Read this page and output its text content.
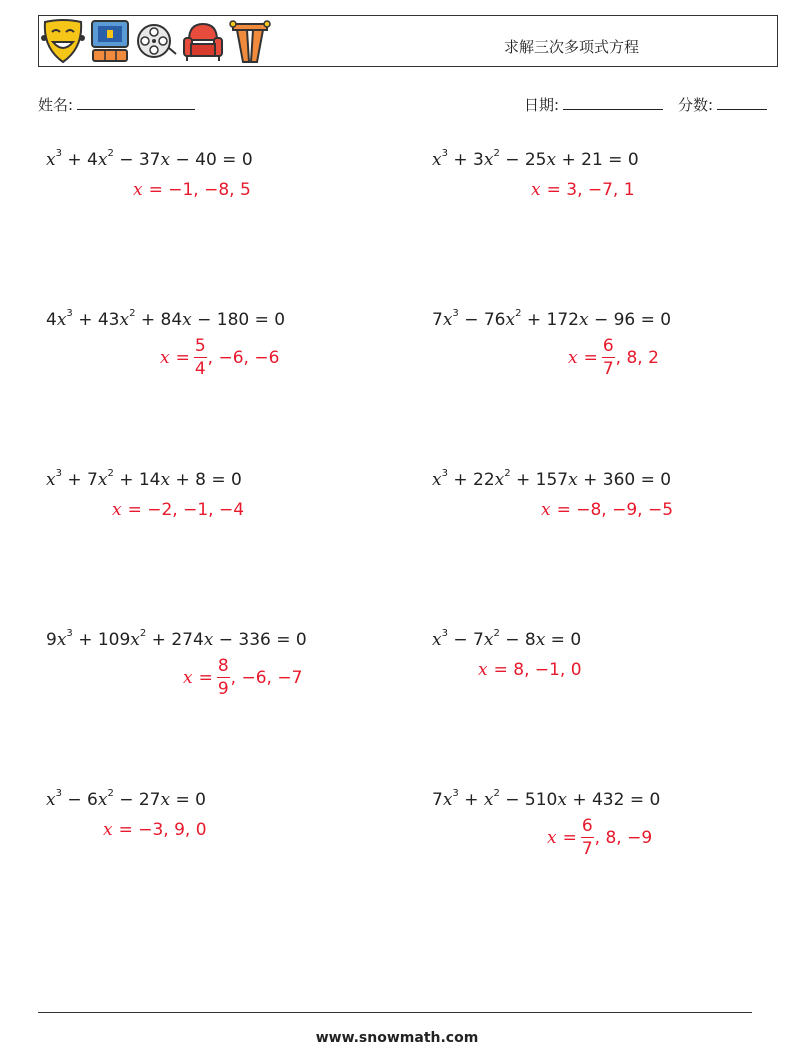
求解三次多项式方程
姓名:	日期:	分数:
$x^3 + 4x^2 - 37x - 40 = 0$
x = −1, −8, 5
$x^3 + 3x^2 - 25x + 21 = 0$
x = 3, −7, 1
$4x^3 + 43x^2 + 84x - 180 = 0$
$x = \frac{5}{4}$ , −6, −6
$7x^3 - 76x^2 + 172x - 96 = 0$
$x = \frac{6}{7}$ , 8, 2
$x^3 + 7x^2 + 14x + 8 = 0$
x = −2, −1, −4
$x^3 + 22x^2 + 157x + 360 = 0$
x = −8, −9, −5
$9x^3 + 109x^2 + 274x - 336 = 0$
$x = \frac{8}{9}$ , −6, −7
$x^3 - 7x^2 - 8x = 0$
x = 8, −1, 0
$x^3 - 6x^2 - 27x = 0$
x = −3, 9, 0
$7x^3 + x^2 - 510x + 432 = 0$
$x = \frac{6}{7}$ , 8, −9
www.snowmath.com
